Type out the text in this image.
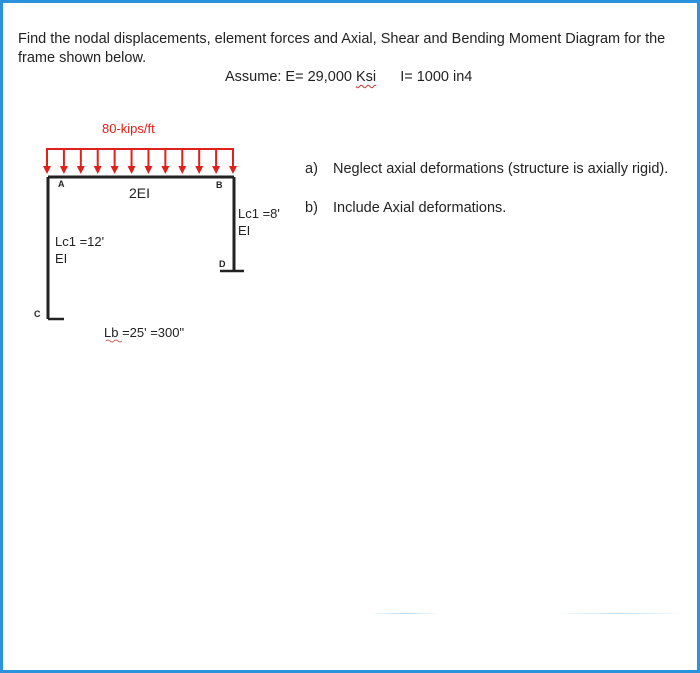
Find the nodal displacements, element forces and Axial, Shear and Bending Moment Diagram for the frame shown below.

Assume: E= 29,000 Ksi I= 1000 in4
80-kips/ft
A	B
C
D
2EI
Lc1 =12'
EI
Lc1 =8'
EI
Lb =25' =300"
a)	Neglect axial deformations (structure is axially rigid).
b)	Include Axial deformations.
